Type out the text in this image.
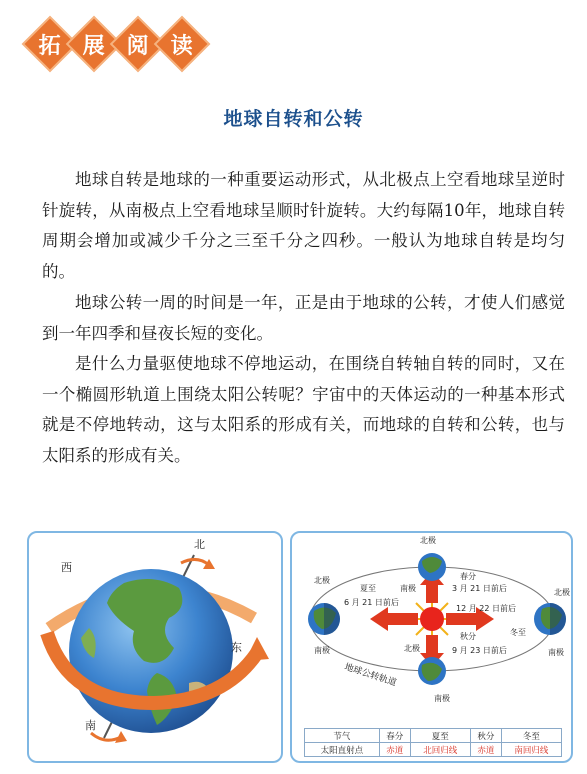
拓 展 阅 读
地球自转和公转

地球自转是地球的一种重要运动形式，从北极点上空看地球呈逆时针旋转，从南极点上空看地球呈顺时针旋转。大约每隔10年，地球自转周期会增加或减少千分之三至千分之四秒。一般认为地球自转是均匀的。

地球公转一周的时间是一年，正是由于地球的公转，才使人们感觉到一年四季和昼夜长短的变化。

是什么力量驱使地球不停地运动，在围绕自转轴自转的同时，又在一个椭圆形轨道上围绕太阳公转呢？宇宙中的天体运动的一种基本形式就是不停地转动，这与太阳系的形成有关，而地球的自转和公转，也与太阳系的形成有关。

北
西
东
南
北极
南极
春分
3 月 21 日前后
北极
南极
夏至
6 月 21 日前后
北极
南极
冬至
12 月 22 日前后
北极
南极
秋分
9 月 23 日前后
地球公转轨道
节气	春分	夏至	秋分	冬至
太阳直射点	赤道	北回归线	赤道	南回归线
